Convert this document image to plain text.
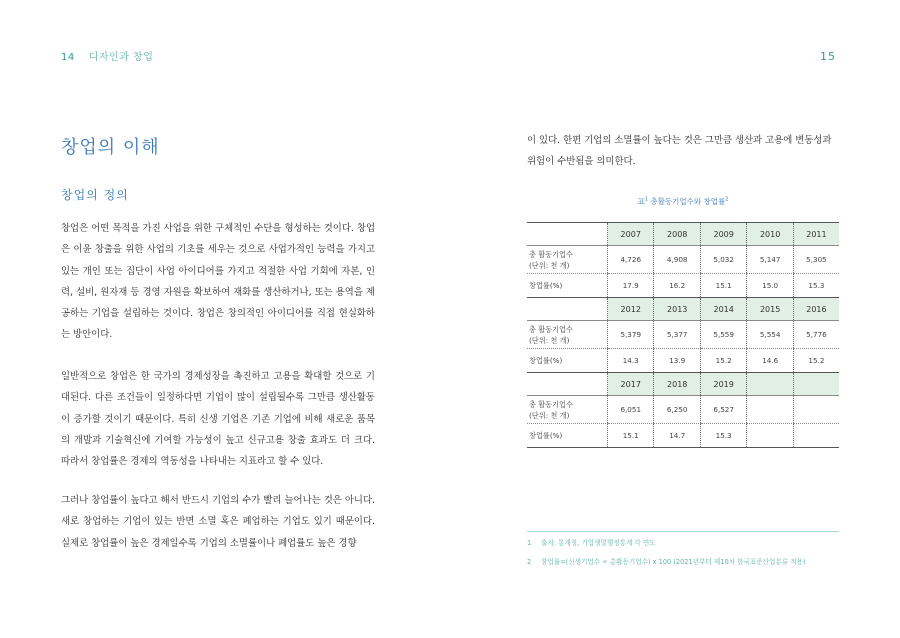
14 디자인과 창업	15
창업의 이해
창업의 정의

창업은 어떤 목적을 가진 사업을 위한 구체적인 수단을 형성하는 것이다. 창업은 이윤 창출을 위한 사업의 기초를 세우는 것으로 사업가적인 능력을 가지고 있는 개인 또는 집단이 사업 아이디어를 가지고 적절한 사업 기회에 자본, 인력, 설비, 원자재 등 경영 자원을 확보하여 재화를 생산하거나, 또는 용역을 제공하는 기업을 설립하는 것이다. 창업은 창의적인 아이디어를 직접 현실화하는 방안이다.

일반적으로 창업은 한 국가의 경제성장을 촉진하고 고용을 확대할 것으로 기대된다. 다른 조건들이 일정하다면 기업이 많이 설립될수록 그만큼 생산활동이 증가할 것이기 때문이다. 특히 신생 기업은 기존 기업에 비해 새로운 품목의 개발과 기술혁신에 기여할 가능성이 높고 신규고용 창출 효과도 더 크다. 따라서 창업률은 경제의 역동성을 나타내는 지표라고 할 수 있다.

그러나 창업률이 높다고 해서 반드시 기업의 수가 빨리 늘어나는 것은 아니다. 새로 창업하는 기업이 있는 반면 소멸 혹은 폐업하는 기업도 있기 때문이다. 실제로 창업률이 높은 경제일수록 기업의 소멸률이나 폐업률도 높은 경향

이 있다. 한편 기업의 소멸률이 높다는 것은 그만큼 생산과 고용에 변동성과 위험이 수반됨을 의미한다.

표$^1$ 총활동기업수와 창업률$^2$
	2007	2008	2009	2010	2011

총 활동기업수
(단위: 천 개)	4,726	4,908	5,032	5,147	5,305
창업률(%)	17.9	16.2	15.1	15.0	15.3
	2012	2013	2014	2015	2016

총 활동기업수
(단위: 천 개)	5,379	5,377	5,559	5,554	5,776
창업률(%)	14.3	13.9	15.2	14.6	15.2
	2017	2018	2019		

총 활동기업수
(단위: 천 개)	6,051	6,250	6,527		
창업률(%)	15.1	14.7	15.3		
1 출처: 통계청, 기업생멸행정통계 각 연도
2 창업률=(신생기업수 ÷ 총활동기업수) x 100 (2021년부터 제10차 한국표준산업분류 적용)
